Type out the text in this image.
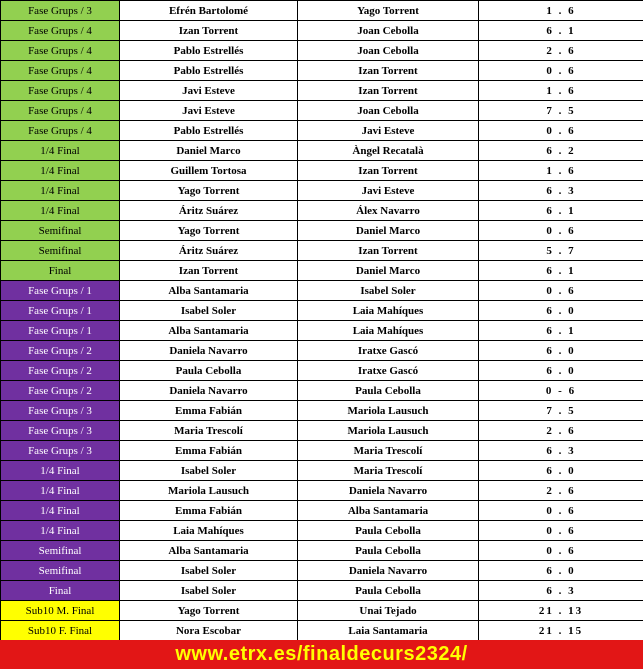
Fase Grups / 3	Efrén Bartolomé	Yago Torrent	1 . 6
Fase Grups / 4	Izan Torrent	Joan Cebolla	6 . 1
Fase Grups / 4	Pablo Estrellés	Joan Cebolla	2 . 6
Fase Grups / 4	Pablo Estrellés	Izan Torrent	0 . 6
Fase Grups / 4	Javi Esteve	Izan Torrent	1 . 6
Fase Grups / 4	Javi Esteve	Joan Cebolla	7 . 5
Fase Grups / 4	Pablo Estrellés	Javi Esteve	0 . 6
1/4 Final	Daniel Marco	Àngel Recatalà	6 . 2
1/4 Final	Guillem Tortosa	Izan Torrent	1 . 6
1/4 Final	Yago Torrent	Javi Esteve	6 . 3
1/4 Final	Áritz Suárez	Álex Navarro	6 . 1
Semifinal	Yago Torrent	Daniel Marco	0 . 6
Semifinal	Áritz Suárez	Izan Torrent	5 . 7
Final	Izan Torrent	Daniel Marco	6 . 1
Fase Grups / 1	Alba Santamaria	Isabel Soler	0 . 6
Fase Grups / 1	Isabel Soler	Laia Mahíques	6 . 0
Fase Grups / 1	Alba Santamaria	Laia Mahíques	6 . 1
Fase Grups / 2	Daniela Navarro	Iratxe Gascó	6 . 0
Fase Grups / 2	Paula Cebolla	Iratxe Gascó	6 . 0
Fase Grups / 2	Daniela Navarro	Paula Cebolla	0 - 6
Fase Grups / 3	Emma Fabián	Mariola Lausuch	7 . 5
Fase Grups / 3	Maria Trescolí	Mariola Lausuch	2 . 6
Fase Grups / 3	Emma Fabián	Maria Trescolí	6 . 3
1/4 Final	Isabel Soler	Maria Trescolí	6 . 0
1/4 Final	Mariola Lausuch	Daniela Navarro	2 . 6
1/4 Final	Emma Fabián	Alba Santamaria	0 . 6
1/4 Final	Laia Mahíques	Paula Cebolla	0 . 6
Semifinal	Alba Santamaria	Paula Cebolla	0 . 6
Semifinal	Isabel Soler	Daniela Navarro	6 . 0
Final	Isabel Soler	Paula Cebolla	6 . 3
Sub10 M. Final	Yago Torrent	Unai Tejado	21 . 13
Sub10 F. Final	Nora Escobar	Laia Santamaria	21 . 15
www.etrx.es/finaldecurs2324/
